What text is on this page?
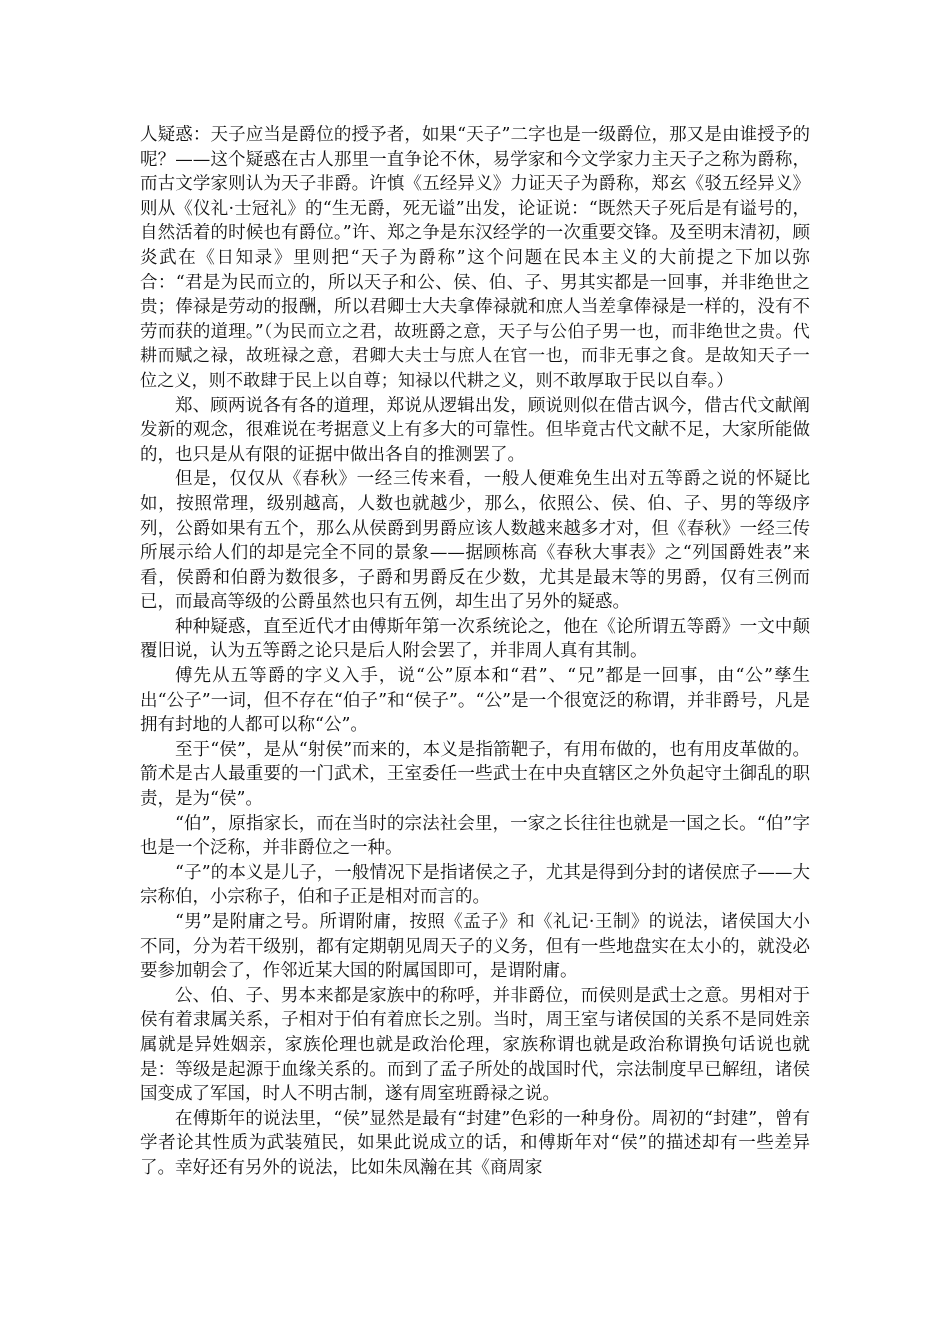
人疑惑：天子应当是爵位的授予者，如果“天子”二字也是一级爵位，那又是由谁授予的呢？——这个疑惑在古人那里一直争论不休，易学家和今文学家力主天子之称为爵称，而古文学家则认为天子非爵。许慎《五经异义》力证天子为爵称，郑玄《驳五经异义》则从《仪礼·士冠礼》的“生无爵，死无谥”出发，论证说：“既然天子死后是有谥号的，自然活着的时候也有爵位。”许、郑之争是东汉经学的一次重要交锋。及至明末清初，顾炎武在《日知录》里则把“天子为爵称”这个问题在民本主义的大前提之下加以弥合：“君是为民而立的，所以天子和公、侯、伯、子、男其实都是一回事，并非绝世之贵；俸禄是劳动的报酬，所以君卿士大夫拿俸禄就和庶人当差拿俸禄是一样的，没有不劳而获的道理。”（为民而立之君，故班爵之意，天子与公伯子男一也，而非绝世之贵。代耕而赋之禄，故班禄之意，君卿大夫士与庶人在官一也，而非无事之食。是故知天子一位之义，则不敢肆于民上以自尊；知禄以代耕之义，则不敢厚取于民以自奉。）

郑、顾两说各有各的道理，郑说从逻辑出发，顾说则似在借古讽今，借古代文献阐发新的观念，很难说在考据意义上有多大的可靠性。但毕竟古代文献不足，大家所能做的，也只是从有限的证据中做出各自的推测罢了。

但是，仅仅从《春秋》一经三传来看，一般人便难免生出对五等爵之说的怀疑比如，按照常理，级别越高，人数也就越少，那么，依照公、侯、伯、子、男的等级序列，公爵如果有五个，那么从侯爵到男爵应该人数越来越多才对，但《春秋》一经三传所展示给人们的却是完全不同的景象——据顾栋高《春秋大事表》之“列国爵姓表”来看，侯爵和伯爵为数很多，子爵和男爵反在少数，尤其是最末等的男爵，仅有三例而已，而最高等级的公爵虽然也只有五例，却生出了另外的疑惑。

种种疑惑，直至近代才由傅斯年第一次系统论之，他在《论所谓五等爵》一文中颠覆旧说，认为五等爵之论只是后人附会罢了，并非周人真有其制。

傅先从五等爵的字义入手，说“公”原本和“君”、“兄”都是一回事，由“公”孳生出“公子”一词，但不存在“伯子”和“侯子”。“公”是一个很宽泛的称谓，并非爵号，凡是拥有封地的人都可以称“公”。

至于“侯”，是从“射侯”而来的，本义是指箭靶子，有用布做的，也有用皮革做的。箭术是古人最重要的一门武术，王室委任一些武士在中央直辖区之外负起守土御乱的职责，是为“侯”。

“伯”，原指家长，而在当时的宗法社会里，一家之长往往也就是一国之长。“伯”字也是一个泛称，并非爵位之一种。

“子”的本义是儿子，一般情况下是指诸侯之子，尤其是得到分封的诸侯庶子——大宗称伯，小宗称子，伯和子正是相对而言的。

“男”是附庸之号。所谓附庸，按照《孟子》和《礼记·王制》的说法，诸侯国大小不同，分为若干级别，都有定期朝见周天子的义务，但有一些地盘实在太小的，就没必要参加朝会了，作邻近某大国的附属国即可，是谓附庸。

公、伯、子、男本来都是家族中的称呼，并非爵位，而侯则是武士之意。男相对于侯有着隶属关系，子相对于伯有着庶长之别。当时，周王室与诸侯国的关系不是同姓亲属就是异姓姻亲，家族伦理也就是政治伦理，家族称谓也就是政治称谓换句话说也就是：等级是起源于血缘关系的。而到了孟子所处的战国时代，宗法制度早已解纽，诸侯国变成了军国，时人不明古制，遂有周室班爵禄之说。

在傅斯年的说法里，“侯”显然是最有“封建”色彩的一种身份。周初的“封建”，曾有学者论其性质为武装殖民，如果此说成立的话，和傅斯年对“侯”的描述却有一些差异了。幸好还有另外的说法，比如朱凤瀚在其《商周家
